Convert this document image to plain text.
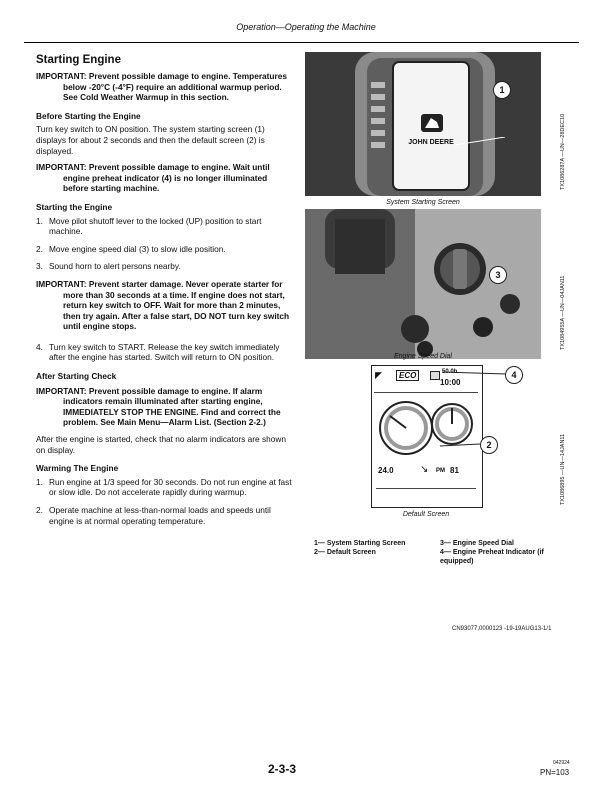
Operation—Operating the Machine
Starting Engine
IMPORTANT: Prevent possible damage to engine. Temperatures below -20°C (-4°F) require an additional warmup period. See Cold Weather Warmup in this section.
Before Starting the Engine

Turn key switch to ON position. The system starting screen (1) displays for about 2 seconds and then the default screen (2) is displayed.

IMPORTANT: Prevent possible damage to engine. Wait until engine preheat indicator (4) is no longer illuminated before starting machine.
Starting the Engine
1. Move pilot shutoff lever to the locked (UP) position to start machine.
2. Move engine speed dial (3) to slow idle position.
3. Sound horn to alert persons nearby.
IMPORTANT: Prevent starter damage. Never operate starter for more than 30 seconds at a time. If engine does not start, return key switch to OFF. Wait for more than 2 minutes, then try again. After a false start, DO NOT turn key switch until engine stops.
4. Turn key switch to START. Release the key switch immediately after the engine has started. Switch will return to ON position.
After Starting Check
IMPORTANT: Prevent possible damage to engine. If alarm indicators remain illuminated after starting engine, IMMEDIATELY STOP THE ENGINE. Find and correct the problem. See Main Menu—Alarm List. (Section 2-2.)

After the engine is started, check that no alarm indicators are shown on display.

Warming The Engine
1. Run engine at 1/3 speed for 30 seconds. Do not run engine at fast or slow idle. Do not accelerate rapidly during warmup.
2. Operate machine at less-than-normal loads and speeds until engine is at normal operating temperature.
JOHN DEERE
1
System Starting Screen
TX1086287A —UN—28DEC10
3
Engine Speed Dial
TX1084955A —UN—04JAN11
◤	ECO	50.0h
10:00
24.0	↘ PM 81
4
2
Default Screen
TX1086895 —UN—14JAN11
1— System Starting Screen
2— Default Screen
3— Engine Speed Dial
4— Engine Preheat Indicator (if equipped)
CN93077,0000123 -19-19AUG13-1/1
2-3-3	042924
PN=103
